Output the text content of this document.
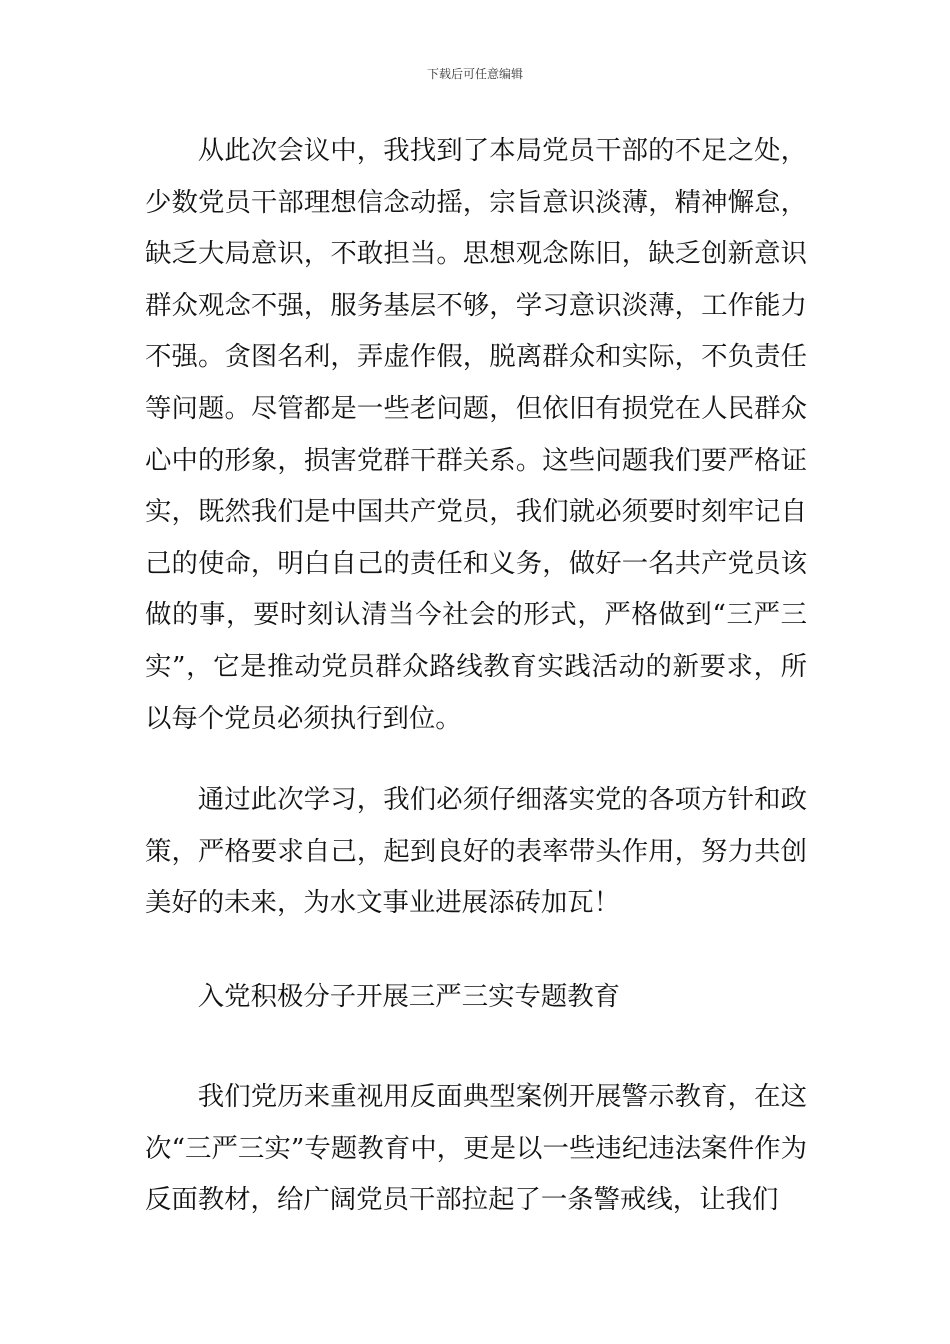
下载后可任意编辑

从此次会议中，我找到了本局党员干部的不足之处，少数党员干部理想信念动摇，宗旨意识淡薄，精神懈怠，缺乏大局意识，不敢担当。思想观念陈旧，缺乏创新意识群众观念不强，服务基层不够，学习意识淡薄，工作能力不强。贪图名利，弄虚作假，脱离群众和实际，不负责任等问题。尽管都是一些老问题，但依旧有损党在人民群众心中的形象，损害党群干群关系。这些问题我们要严格证实，既然我们是中国共产党员，我们就必须要时刻牢记自己的使命，明白自己的责任和义务，做好一名共产党员该做的事，要时刻认清当今社会的形式，严格做到“三严三实”，它是推动党员群众路线教育实践活动的新要求，所以每个党员必须执行到位。

通过此次学习，我们必须仔细落实党的各项方针和政策，严格要求自己，起到良好的表率带头作用，努力共创美好的未来，为水文事业进展添砖加瓦！

入党积极分子开展三严三实专题教育

我们党历来重视用反面典型案例开展警示教育，在这次“三严三实”专题教育中，更是以一些违纪违法案件作为反面教材，给广阔党员干部拉起了一条警戒线，让我们
